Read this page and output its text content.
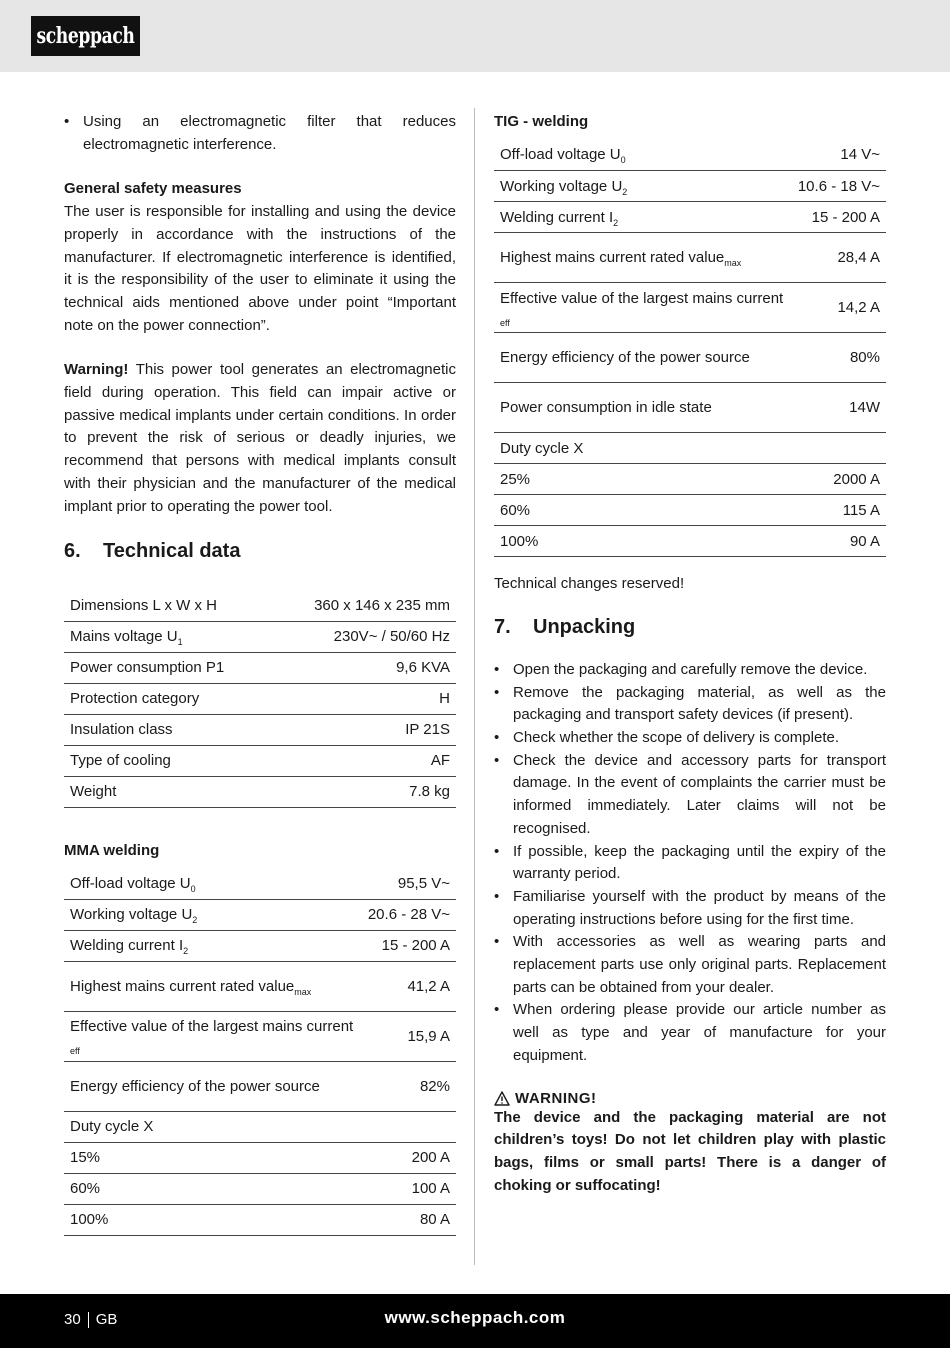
scheppach
• Using an electromagnetic filter that reduces electromagnetic interference.

General safety measures

The user is responsible for installing and using the device properly in accordance with the instructions of the manufacturer. If electromagnetic interference is identified, it is the responsibility of the user to eliminate it using the technical aids mentioned above under point “Important note on the power connection”.

Warning! This power tool generates an electromagnetic field during operation. This field can impair active or passive medical implants under certain conditions. In order to prevent the risk of serious or deadly injuries, we recommend that persons with medical implants consult with their physician and the manufacturer of the medical implant prior to operating the power tool.

6.	Technical data
Dimensions L x W x H	360 x 146 x 235 mm
Mains voltage $U_1$	230V~ / 50/60 Hz
Power consumption P1	9,6 KVA
Protection category	H
Insulation class	IP 21S
Type of cooling	AF
Weight	7.8 kg

MMA welding

Off-load voltage $U_0$	95,5 V~
Working voltage $U_2$	20.6 - 28 V~
Welding current $I_2$	15 - 200 A
Highest mains current rated value$_{max}$	41,2 A
Effective value of the largest mains current $_{eff}$	15,9 A
Energy efficiency of the power source	82%
Duty cycle X	
15%	200 A
60%	100 A
100%	80 A

TIG - welding

Off-load voltage $U_0$	14 V~
Working voltage $U_2$	10.6 - 18 V~
Welding current $I_2$	15 - 200 A
Highest mains current rated value$_{max}$	28,4 A
Effective value of the largest mains current $_{eff}$	14,2 A
Energy efficiency of the power source	80%
Power consumption in idle state	14W
Duty cycle X	
25%	2000 A
60%	115 A
100%	90 A

Technical changes reserved!

7.	Unpacking
• Open the packaging and carefully remove the device.
• Remove the packaging material, as well as the packaging and transport safety devices (if present).
• Check whether the scope of delivery is complete.
• Check the device and accessory parts for transport damage. In the event of complaints the carrier must be informed immediately. Later claims will not be recognised.
• If possible, keep the packaging until the expiry of the warranty period.
• Familiarise yourself with the product by means of the operating instructions before using for the first time.
• With accessories as well as wearing parts and replacement parts use only original parts. Replacement parts can be obtained from your dealer.
• When ordering please provide our article number as well as type and year of manufacture for your equipment.
WARNING!

The device and the packaging material are not children’s toys! Do not let children play with plastic bags, films or small parts! There is a danger of choking or suffocating!

30 GB	www.scheppach.com
